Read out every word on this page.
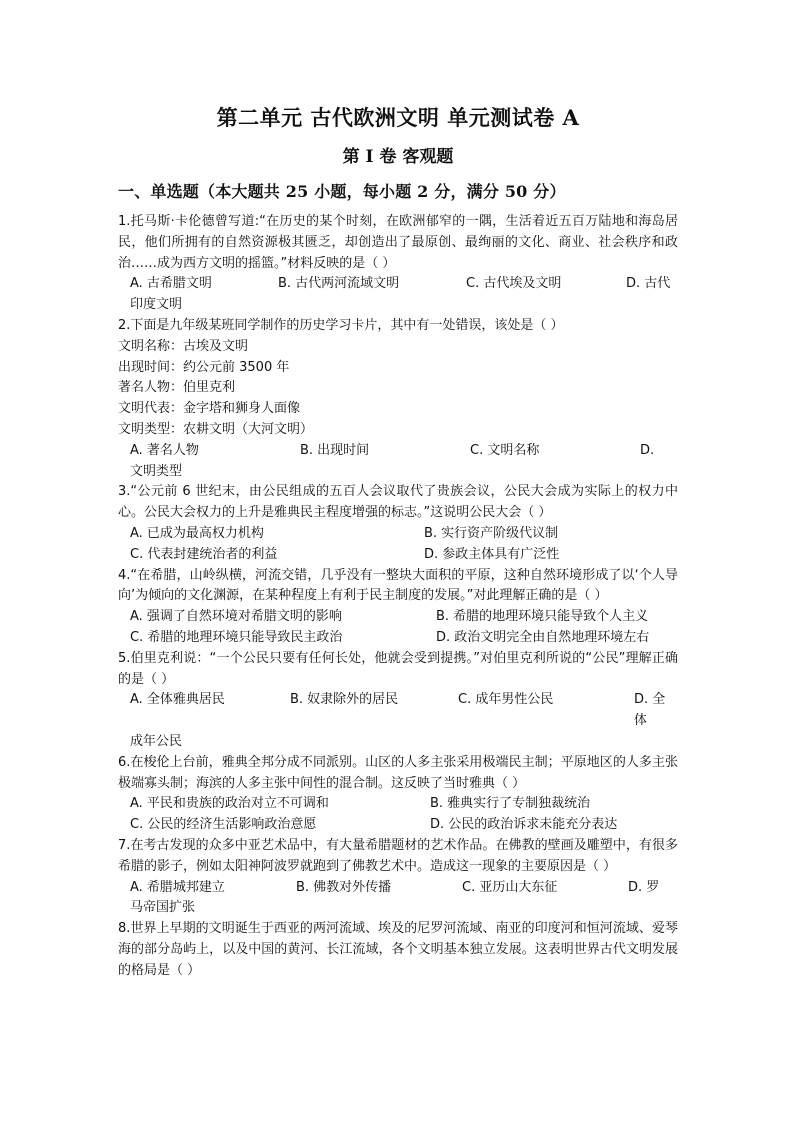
第二单元 古代欧洲文明 单元测试卷 A
第 I 卷 客观题
一、单选题（本大题共 25 小题，每小题 2 分，满分 50 分）

1.托马斯·卡伦德曾写道:“在历史的某个时刻，在欧洲郁窄的一隅，生活着近五百万陆地和海岛居民，他们所拥有的自然资源极其匮乏，却创造出了最原创、最绚丽的文化、商业、社会秩序和政治……成为西方文明的摇篮。”材料反映的是（ ）

A. 古希腊文明	B. 古代两河流域文明	C. 古代埃及文明	D. 古代
印度文明

2.下面是九年级某班同学制作的历史学习卡片，其中有一处错误，该处是（ ）

文明名称：古埃及文明

出现时间：约公元前 3500 年

著名人物：伯里克利

文明代表：金字塔和狮身人面像

文明类型：农耕文明（大河文明）

A. 著名人物	B. 出现时间	C. 文明名称	D.
文明类型

3.“公元前 6 世纪末，由公民组成的五百人会议取代了贵族会议，公民大会成为实际上的权力中心。公民大会权力的上升是雅典民主程度增强的标志。”这说明公民大会（ ）

A. 已成为最高权力机构	B. 实行资产阶级代议制
C. 代表封建统治者的利益	D. 参政主体具有广泛性

4.“在希腊，山岭纵横，河流交错，几乎没有一整块大面积的平原，这种自然环境形成了以‘个人导向’为倾向的文化渊源，在某种程度上有利于民主制度的发展。”对此理解正确的是（ ）

A. 强调了自然环境对希腊文明的影响	B. 希腊的地理环境只能导致个人主义
C. 希腊的地理环境只能导致民主政治	D. 政治文明完全由自然地理环境左右

5.伯里克利说：“一个公民只要有任何长处，他就会受到提携。”对伯里克利所说的“公民”理解正确的是（ ）

A. 全体雅典居民	B. 奴隶除外的居民	C. 成年男性公民	D. 全体
成年公民

6.在梭伦上台前，雅典全邦分成不同派别。山区的人多主张采用极端民主制；平原地区的人多主张极端寡头制；海滨的人多主张中间性的混合制。这反映了当时雅典（ ）

A. 平民和贵族的政治对立不可调和	B. 雅典实行了专制独裁统治
C. 公民的经济生活影响政治意愿	D. 公民的政治诉求未能充分表达

7.在考古发现的众多中亚艺术品中，有大量希腊题材的艺术作品。在佛教的壁画及雕塑中，有很多希腊的影子，例如太阳神阿波罗就跑到了佛教艺术中。造成这一现象的主要原因是（ ）

A. 希腊城邦建立	B. 佛教对外传播	C. 亚历山大东征	D. 罗
马帝国扩张

8.世界上早期的文明诞生于西亚的两河流域、埃及的尼罗河流域、南亚的印度河和恒河流域、爱琴海的部分岛屿上，以及中国的黄河、长江流域，各个文明基本独立发展。这表明世界古代文明发展的格局是（ ）
